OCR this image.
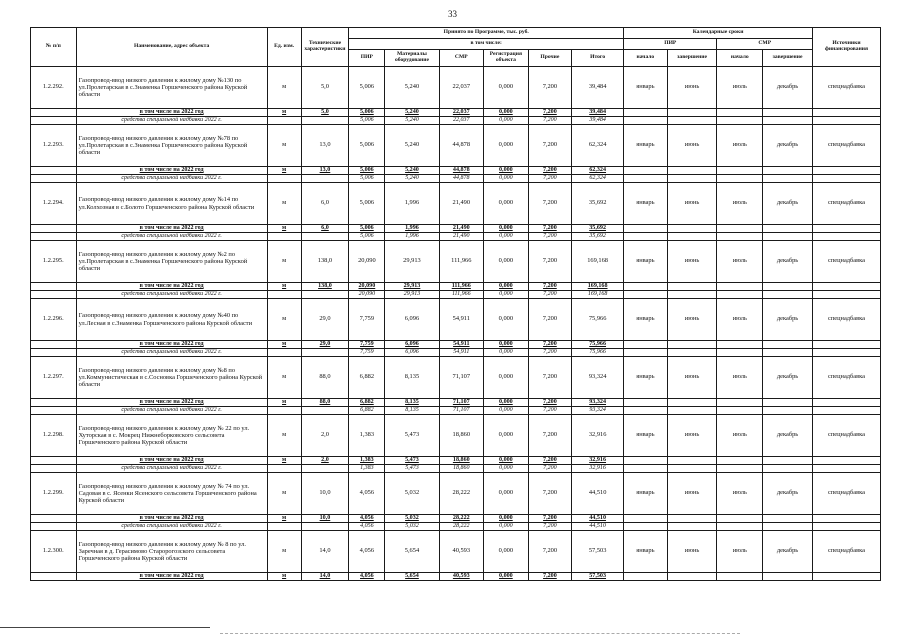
33
№ п/п	Наименование, адрес объекта	Ед. изм.	Технические характеристики	Принято по Программе, тыс. руб.						Календарные сроки				Источники финансирования
				в том числе:						ПИР		СМР		
				ПИР	Материалы оборудование	СМР	Регистрация объекта	Прочие	Итого	начало	завершение	начало	завершение	
1.2.292.	Газопровод-ввод низкого давления к жилому дому №130 по ул.Пролетарская в с.Знаменка Горшеченского района Курской области	м	5,0	5,006	5,240	22,037	0,000	7,200	39,484	январь	июнь	июль	декабрь	спецнадбавка
	в том числе на 2022 год	м	5,0	5,006	5,240	22,037	0,000	7,200	39,484					
	средства специальной надбавки 2022 г.			5,006	5,240	22,037	0,000	7,200	39,484					
1.2.293.	Газопровод-ввод низкого давления к жилому дому №78 по ул.Пролетарская в с.Знаменка Горшеченского района Курской области	м	13,0	5,006	5,240	44,878	0,000	7,200	62,324	январь	июнь	июль	декабрь	спецнадбавка
	в том числе на 2022 год	м	13,0	5,006	5,240	44,878	0,000	7,200	62,324					
	средства специальной надбавки 2022 г.			5,006	5,240	44,878	0,000	7,200	62,324					
1.2.294.	Газопровод-ввод низкого давления к жилому дому №14 по ул.Колхозная в с.Болото Горшеченского района Курской области	м	6,0	5,006	1,996	21,490	0,000	7,200	35,692	январь	июнь	июль	декабрь	спецнадбавка
	в том числе на 2022 год	м	6,0	5,006	1,996	21,490	0,000	7,200	35,692					
	средства специальной надбавки 2022 г.			5,006	1,996	21,490	0,000	7,200	35,692					
1.2.295.	Газопровод-ввод низкого давления к жилому дому №2 по ул.Пролетарская в с.Знаменка Горшеченского района Курской области	м	138,0	20,090	29,913	111,966	0,000	7,200	169,168	январь	июнь	июль	декабрь	спецнадбавка
	в том числе на 2022 год	м	138,0	20,090	29,913	111,966	0,000	7,200	169,168					
	средства специальной надбавки 2022 г.			20,090	29,913	111,966	0,000	7,200	169,168					
1.2.296.	Газопровод-ввод низкого давления к жилому дому №40 по ул.Лесная в с.Знаменка Горшеченского района Курской области	м	29,0	7,759	6,096	54,911	0,000	7,200	75,966	январь	июнь	июль	декабрь	спецнадбавка
	в том числе на 2022 год	м	29,0	7,759	6,096	54,911	0,000	7,200	75,966					
	средства специальной надбавки 2022 г.			7,759	6,096	54,911	0,000	7,200	75,966					
1.2.297.	Газопровод-ввод низкого давления к жилому дому №8 по ул.Коммунистическая в с.Сосновка Горшеченского района Курской области	м	88,0	6,882	8,135	71,107	0,000	7,200	93,324	январь	июнь	июль	декабрь	спецнадбавка
	в том числе на 2022 год	м	88,0	6,882	8,135	71,107	0,000	7,200	93,324					
	средства специальной надбавки 2022 г.			6,882	8,135	71,107	0,000	7,200	93,324					
1.2.298.	Газопровод-ввод низкого давления к жилому дому № 22 по ул. Хуторская в с. Мокрец Нижнеборковского сельсовета Горшеченского района Курской области	м	2,0	1,383	5,473	18,860	0,000	7,200	32,916	январь	июнь	июль	декабрь	спецнадбавка
	в том числе на 2022 год	м	2,0	1,383	5,473	18,860	0,000	7,200	32,916					
	средства специальной надбавки 2022 г.			1,383	5,473	18,860	0,000	7,200	32,916					
1.2.299.	Газопровод-ввод низкого давления к жилому дому № 74 по ул. Садовая в с. Ясенки Ясенского сельсовета Горшеченского района Курской области	м	10,0	4,056	5,032	28,222	0,000	7,200	44,510	январь	июнь	июль	декабрь	спецнадбавка
	в том числе на 2022 год	м	10,0	4,056	5,032	28,222	0,000	7,200	44,510					
	средства специальной надбавки 2022 г.			4,056	5,032	28,222	0,000	7,200	44,510					
1.2.300.	Газопровод-ввод низкого давления к жилому дому № 8 по ул. Заречная в д. Герасимово Старорогозского сельсовета Горшеченского района Курской области	м	14,0	4,056	5,654	40,593	0,000	7,200	57,503	январь	июнь	июль	декабрь	спецнадбавка
	в том числе на 2022 год	м	14,0	4,056	5,654	40,593	0,000	7,200	57,503					
